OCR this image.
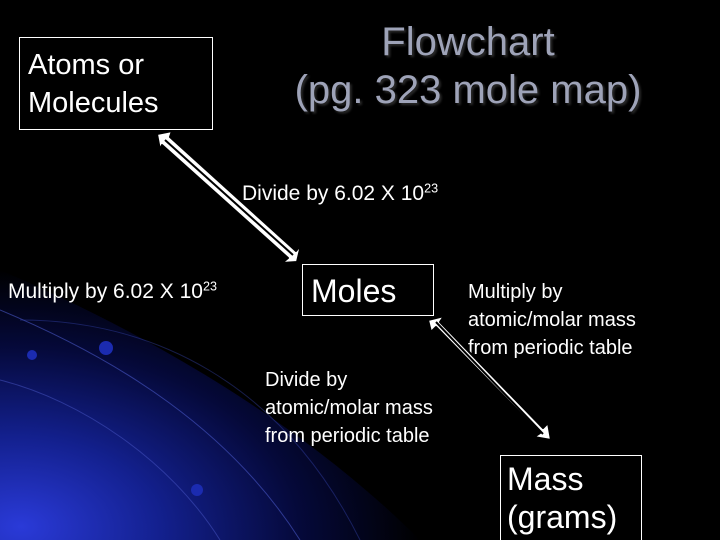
Flowchart
(pg. 323 mole map)
Atoms or
Molecules
Moles
Mass
(grams)

Divide by 6.02 X $10^{23}$

Multiply by 6.02 X $10^{23}$	Multiply by
atomic/molar mass
from periodic table
Divide by
atomic/molar mass
from periodic table
